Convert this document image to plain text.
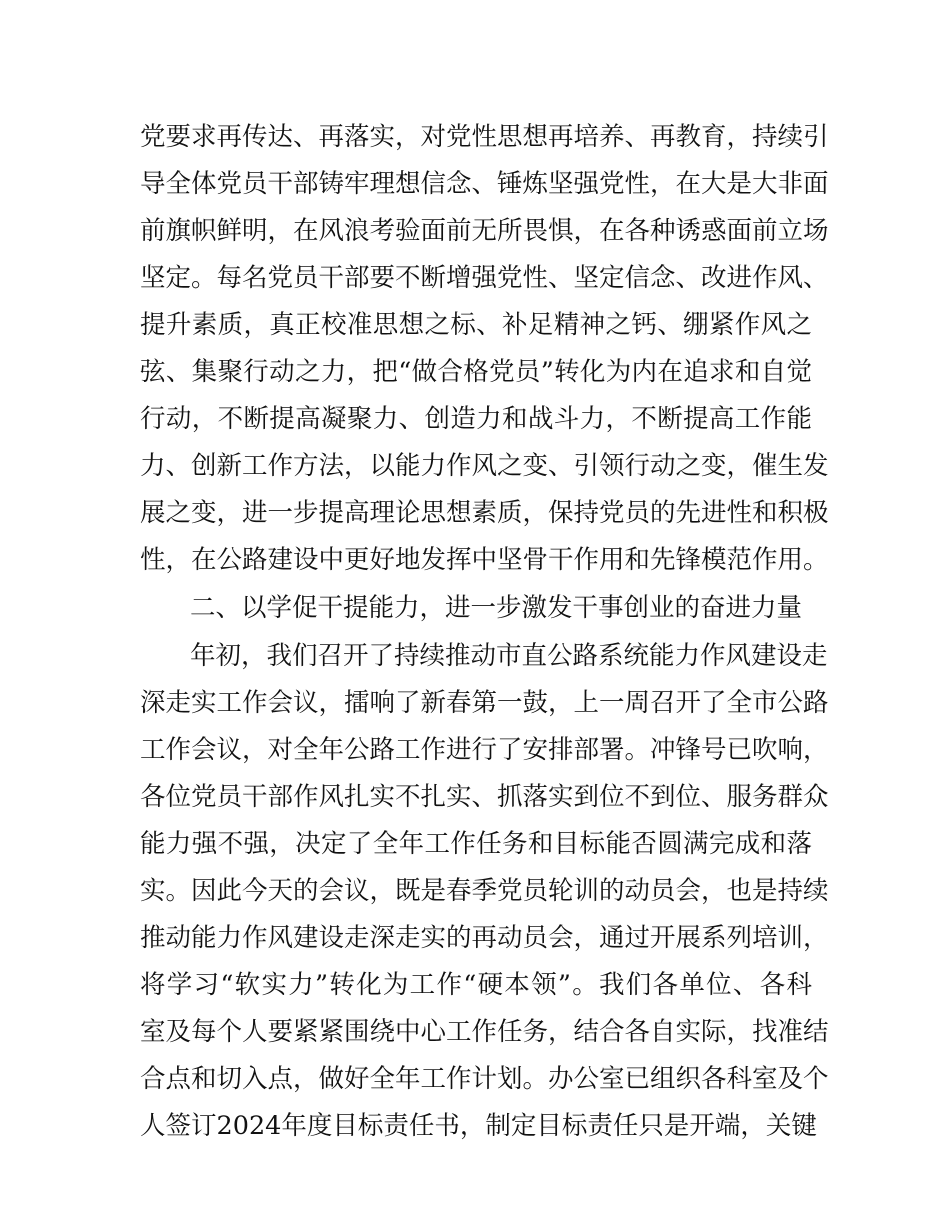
党要求再传达、再落实，对党性思想再培养、再教育，持续引
导全体党员干部铸牢理想信念、锤炼坚强党性，在大是大非面
前旗帜鲜明，在风浪考验面前无所畏惧，在各种诱惑面前立场
坚定。每名党员干部要不断增强党性、坚定信念、改进作风、
提升素质，真正校准思想之标、补足精神之钙、绷紧作风之
弦、集聚行动之力，把“做合格党员”转化为内在追求和自觉
行动，不断提高凝聚力、创造力和战斗力，不断提高工作能
力、创新工作方法，以能力作风之变、引领行动之变，催生发
展之变，进一步提高理论思想素质，保持党员的先进性和积极
性，在公路建设中更好地发挥中坚骨干作用和先锋模范作用。
二、以学促干提能力，进一步激发干事创业的奋进力量
年初，我们召开了持续推动市直公路系统能力作风建设走
深走实工作会议，擂响了新春第一鼓，上一周召开了全市公路
工作会议，对全年公路工作进行了安排部署。冲锋号已吹响，
各位党员干部作风扎实不扎实、抓落实到位不到位、服务群众
能力强不强，决定了全年工作任务和目标能否圆满完成和落
实。因此今天的会议，既是春季党员轮训的动员会，也是持续
推动能力作风建设走深走实的再动员会，通过开展系列培训，
将学习“软实力”转化为工作“硬本领”。我们各单位、各科
室及每个人要紧紧围绕中心工作任务，结合各自实际，找准结
合点和切入点，做好全年工作计划。办公室已组织各科室及个
人签订2024年度目标责任书，制定目标责任只是开端，关键
